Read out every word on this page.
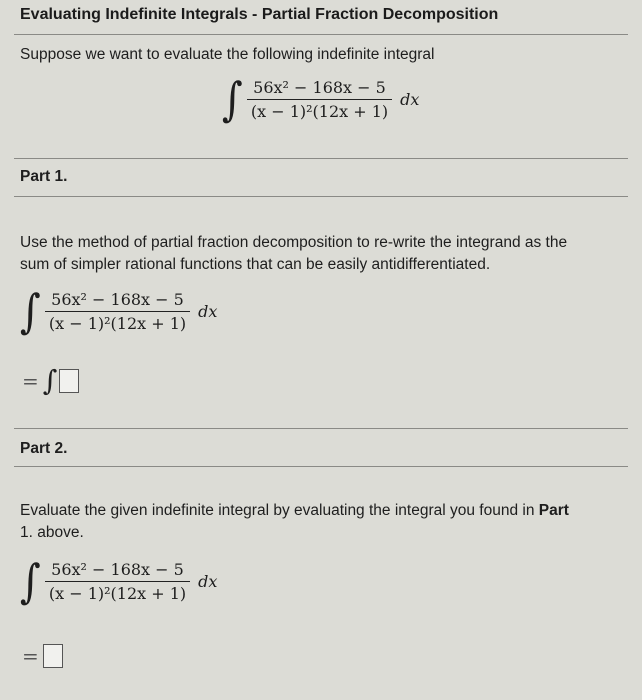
Evaluating Indefinite Integrals - Partial Fraction Decomposition
Suppose we want to evaluate the following indefinite integral
∫ $\frac{\text{56x² − 168x − 5}}{\text{(x − 1)²(12x + 1)}}$ dx
Part 1.
Use the method of partial fraction decomposition to re-write the integrand as the
sum of simpler rational functions that can be easily antidifferentiated.
∫ $\frac{\text{56x² − 168x − 5}}{\text{(x − 1)²(12x + 1)}}$ dx
= ∫
Part 2.
Evaluate the given indefinite integral by evaluating the integral you found in Part
1. above.
∫ $\frac{\text{56x² − 168x − 5}}{\text{(x − 1)²(12x + 1)}}$ dx
=
